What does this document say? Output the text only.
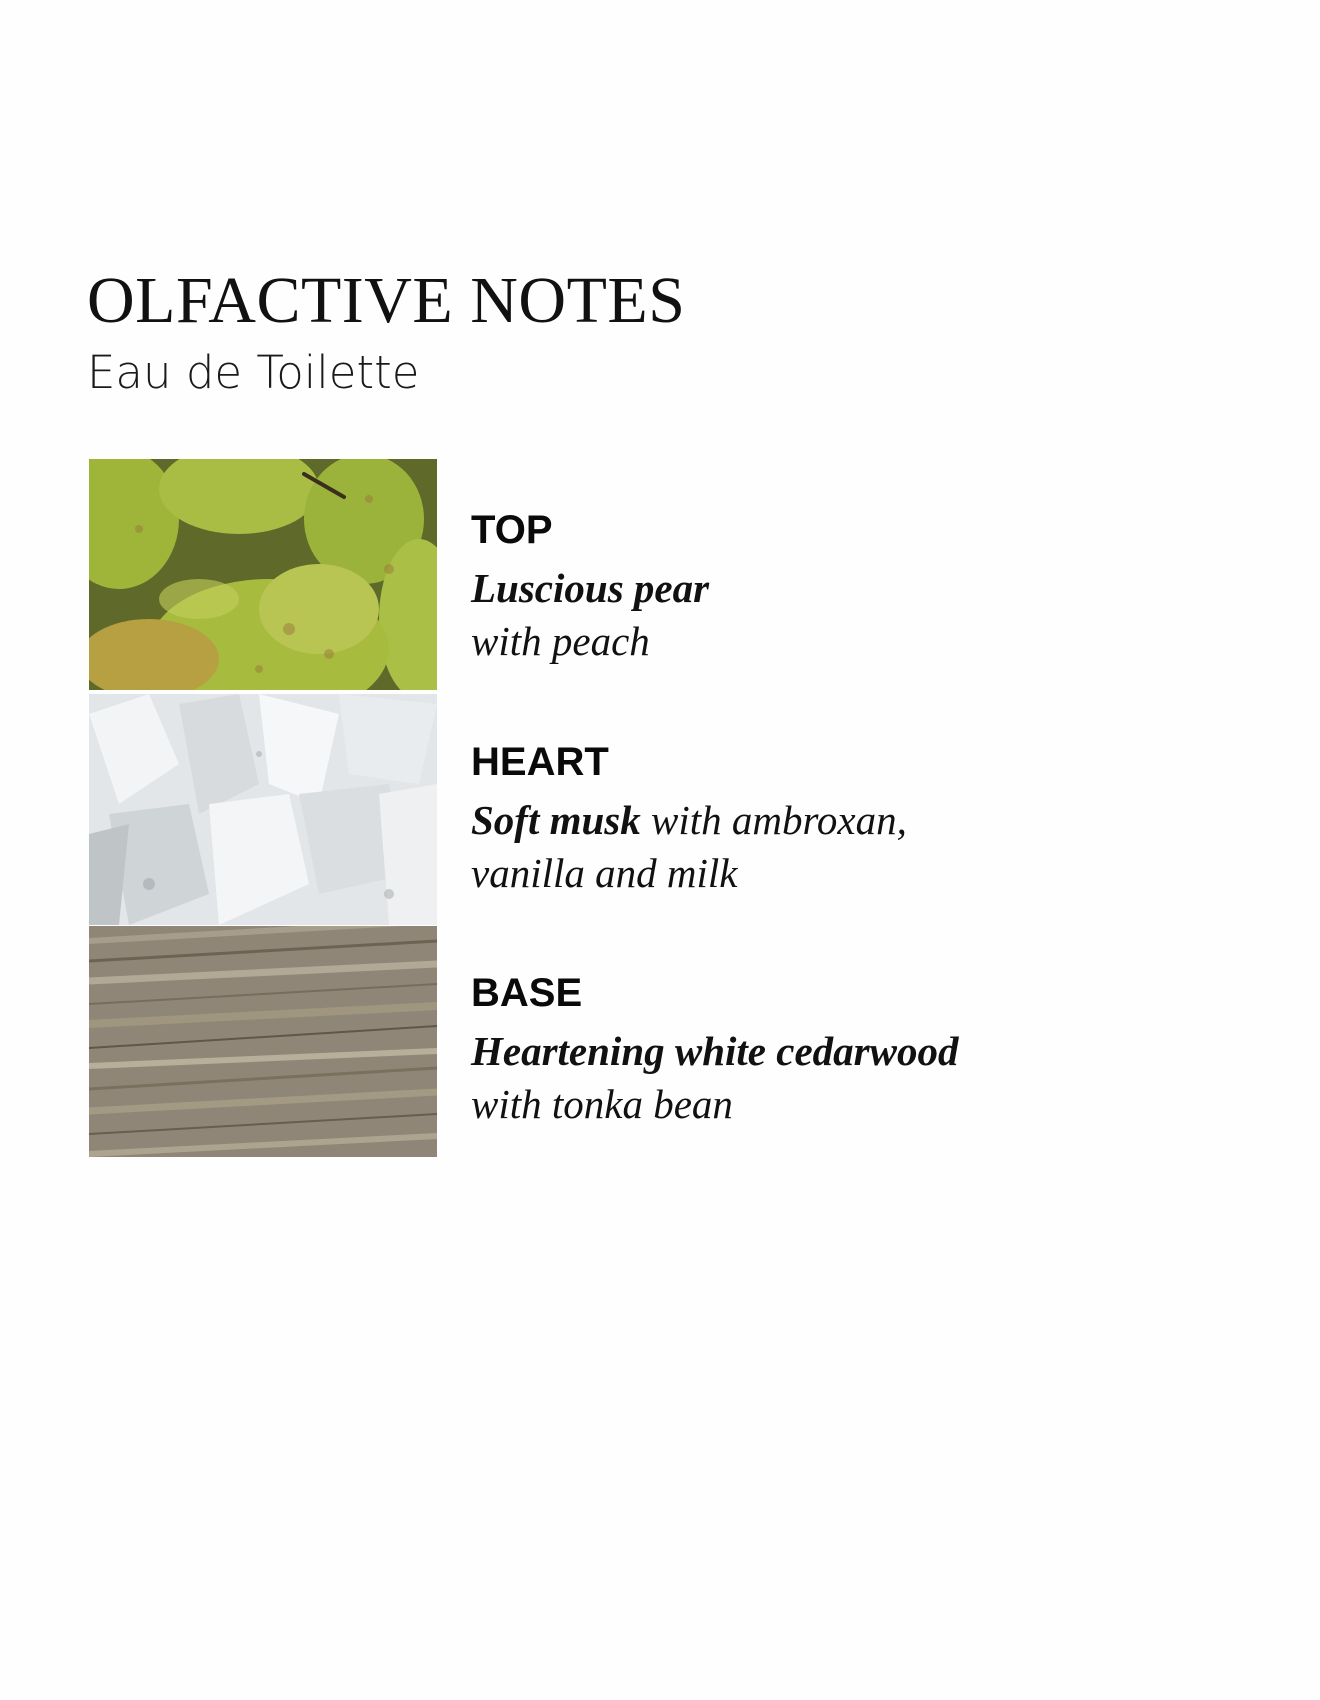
OLFACTIVE NOTES
Eau de Toilette
TOP
Luscious pear
with peach
HEART
Soft musk with ambroxan,
vanilla and milk
BASE
Heartening white cedarwood
with tonka bean
